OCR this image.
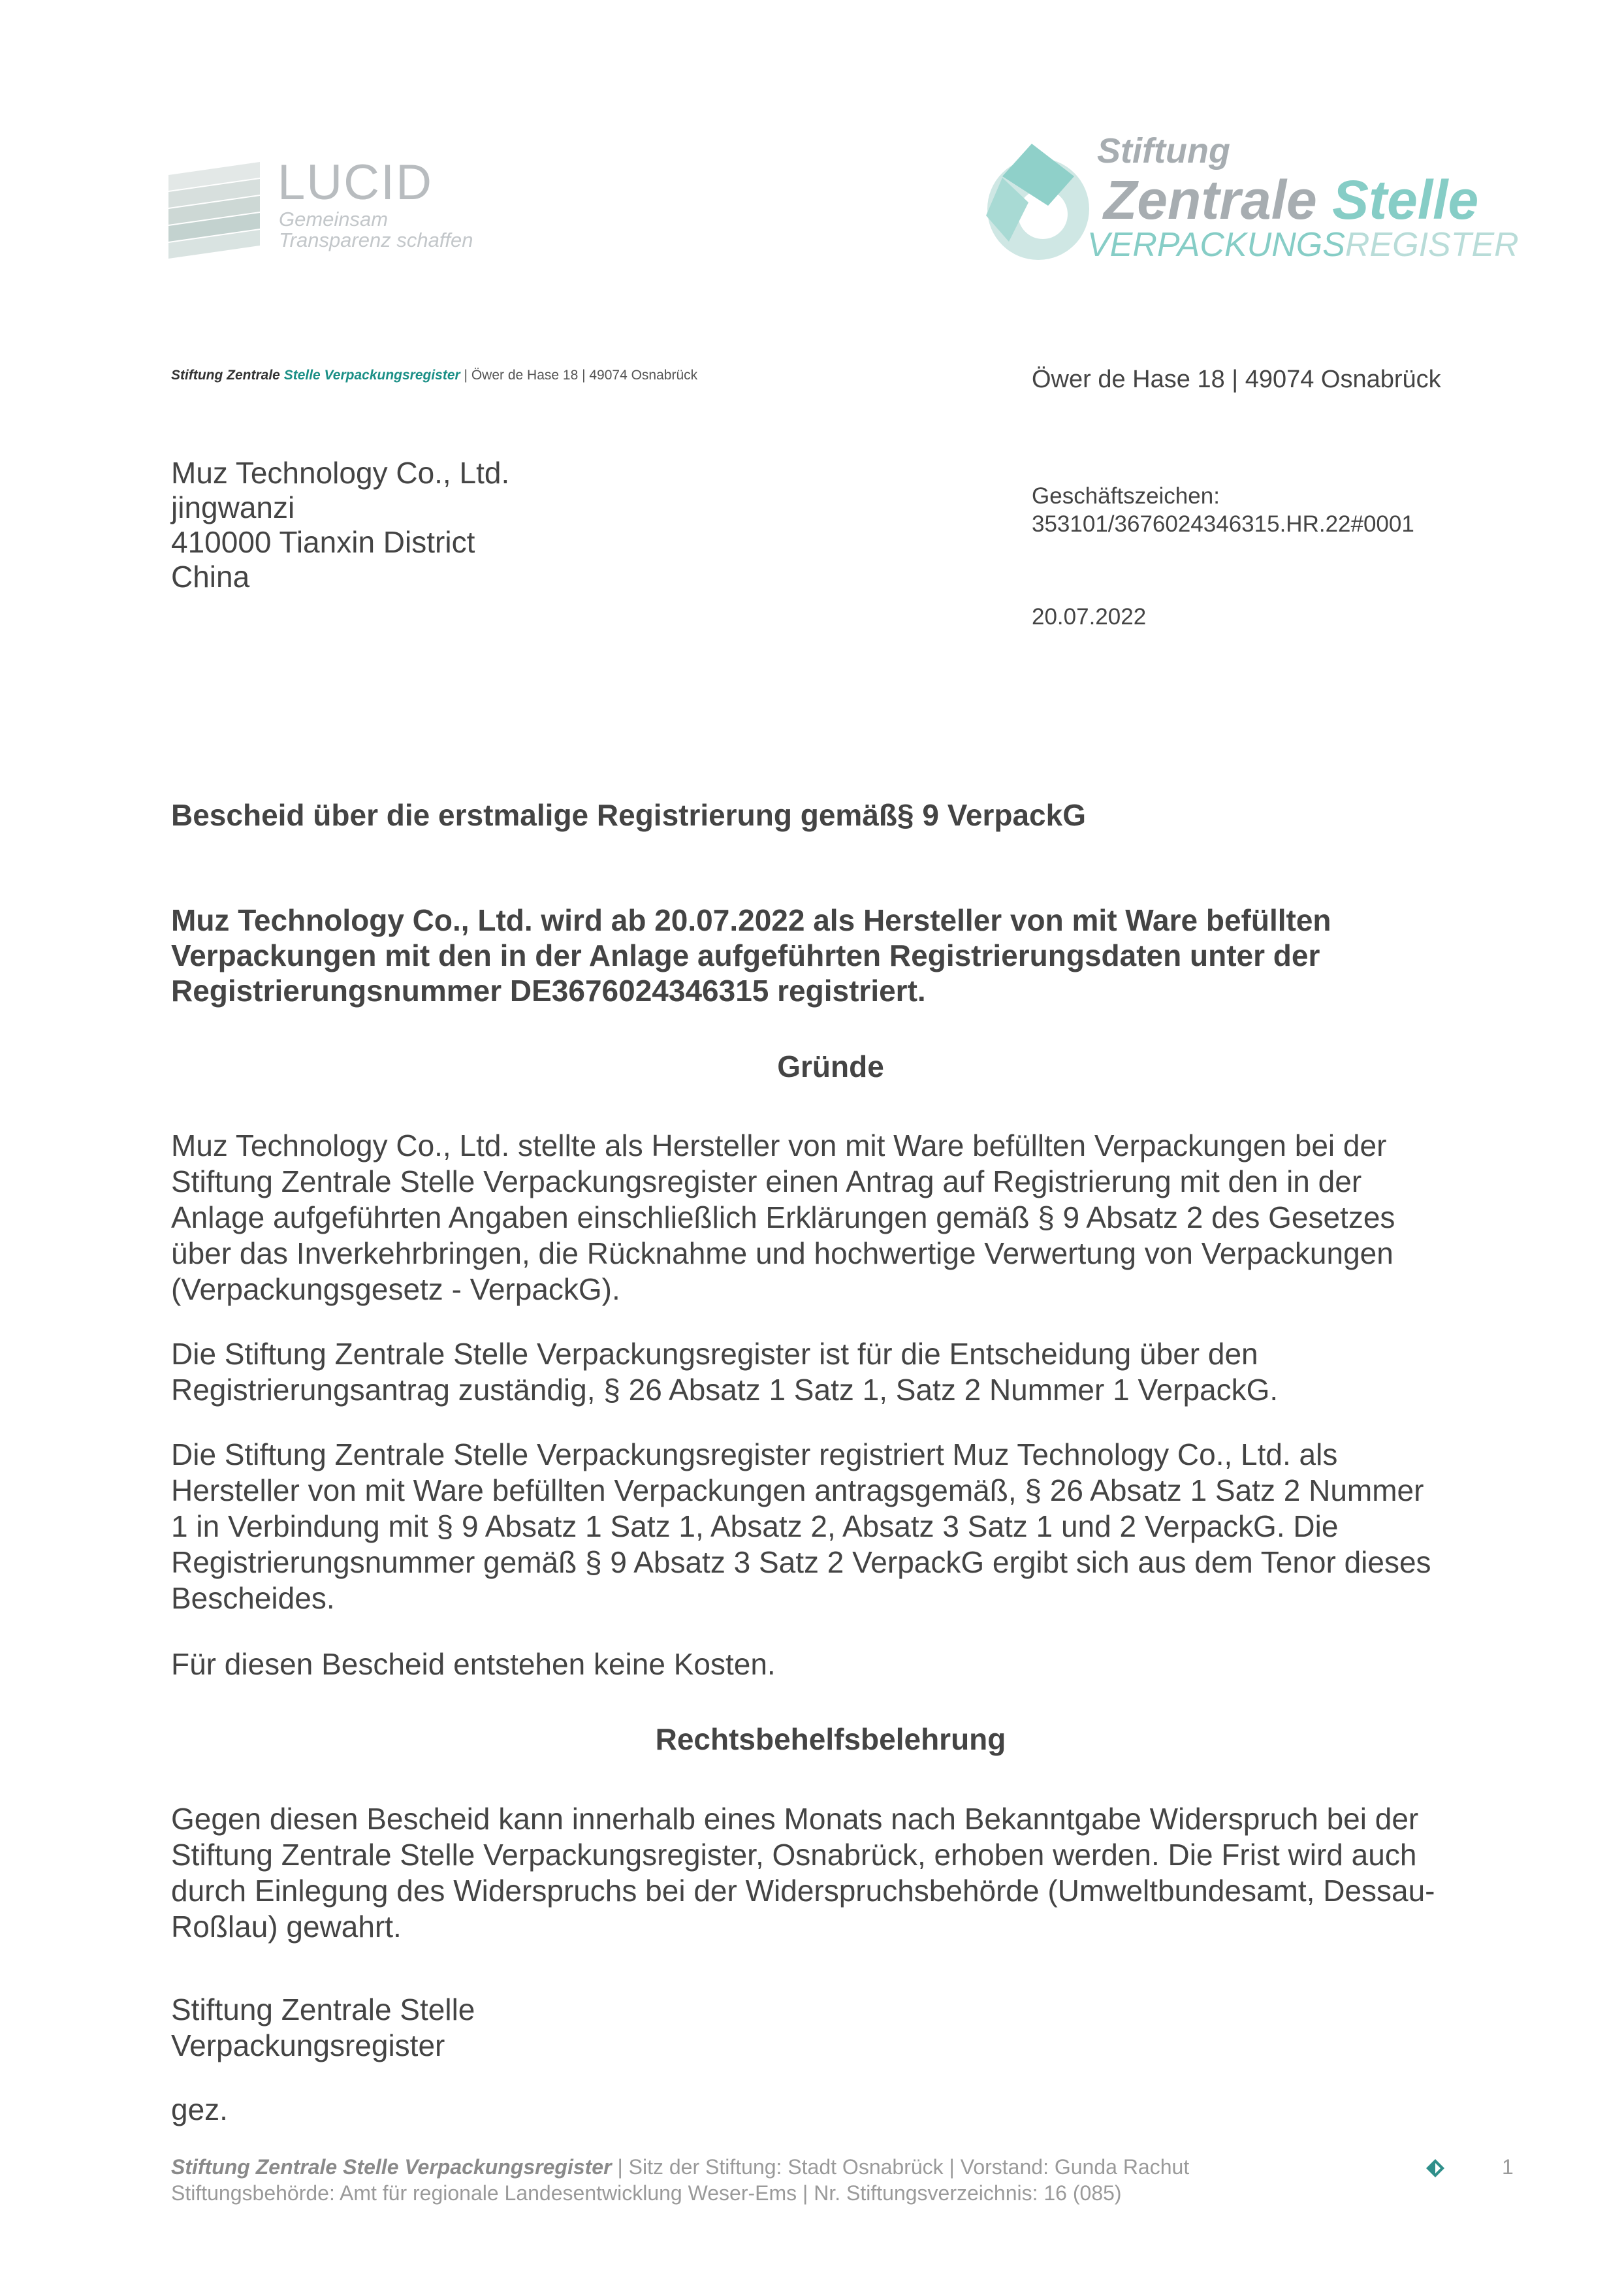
LUCID
Gemeinsam
Transparenz schaffen
Stiftung
Zentrale Stelle
VERPACKUNGSREGISTER
Stiftung Zentrale Stelle Verpackungsregister | Öwer de Hase 18 | 49074 Osnabrück	Öwer de Hase 18 | 49074 Osnabrück
Muz Technology Co., Ltd.
jingwanzi
410000 Tianxin District
China
Geschäftszeichen:
353101/3676024346315.HR.22#0001
20.07.2022
Bescheid über die erstmalige Registrierung gemäß§ 9 VerpackG
Muz Technology Co., Ltd. wird ab 20.07.2022 als Hersteller von mit Ware befüllten
Verpackungen mit den in der Anlage aufgeführten Registrierungsdaten unter der
Registrierungsnummer DE3676024346315 registriert.
Gründe
Muz Technology Co., Ltd. stellte als Hersteller von mit Ware befüllten Verpackungen bei der
Stiftung Zentrale Stelle Verpackungsregister einen Antrag auf Registrierung mit den in der
Anlage aufgeführten Angaben einschließlich Erklärungen gemäß § 9 Absatz 2 des Gesetzes
über das Inverkehrbringen, die Rücknahme und hochwertige Verwertung von Verpackungen
(Verpackungsgesetz - VerpackG).
Die Stiftung Zentrale Stelle Verpackungsregister ist für die Entscheidung über den
Registrierungsantrag zuständig, § 26 Absatz 1 Satz 1, Satz 2 Nummer 1 VerpackG.
Die Stiftung Zentrale Stelle Verpackungsregister registriert Muz Technology Co., Ltd. als
Hersteller von mit Ware befüllten Verpackungen antragsgemäß, § 26 Absatz 1 Satz 2 Nummer
1 in Verbindung mit § 9 Absatz 1 Satz 1, Absatz 2, Absatz 3 Satz 1 und 2 VerpackG. Die
Registrierungsnummer gemäß § 9 Absatz 3 Satz 2 VerpackG ergibt sich aus dem Tenor dieses
Bescheides.
Für diesen Bescheid entstehen keine Kosten.
Rechtsbehelfsbelehrung
Gegen diesen Bescheid kann innerhalb eines Monats nach Bekanntgabe Widerspruch bei der
Stiftung Zentrale Stelle Verpackungsregister, Osnabrück, erhoben werden. Die Frist wird auch
durch Einlegung des Widerspruchs bei der Widerspruchsbehörde (Umweltbundesamt, Dessau-
Roßlau) gewahrt.
Stiftung Zentrale Stelle
Verpackungsregister
gez.
Stiftung Zentrale Stelle Verpackungsregister | Sitz der Stiftung: Stadt Osnabrück | Vorstand: Gunda Rachut
Stiftungsbehörde: Amt für regionale Landesentwicklung Weser-Ems | Nr. Stiftungsverzeichnis: 16 (085)
1
